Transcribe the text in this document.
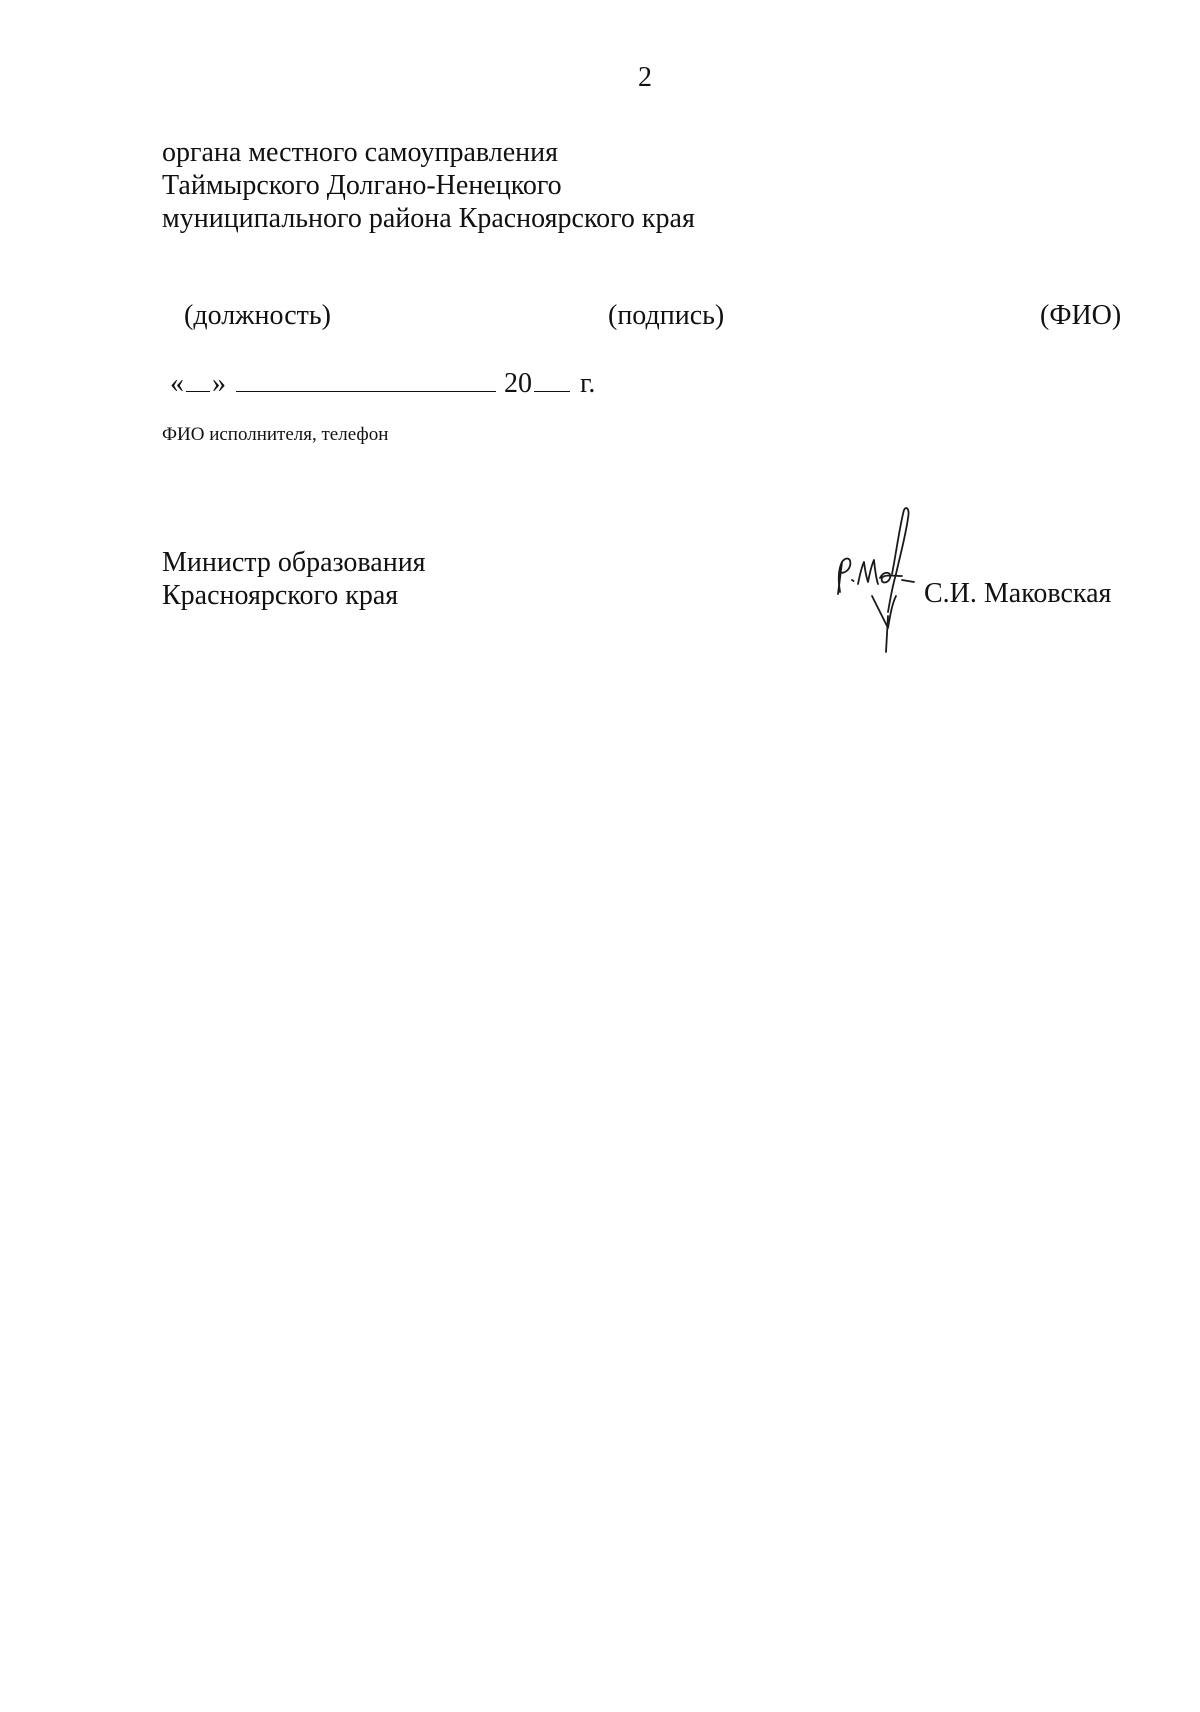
2
органа местного самоуправления
Таймырского Долгано-Ненецкого
муниципального района Красноярского края
(должность)	(подпись)	(ФИО)
« »	20 г.
ФИО исполнителя, телефон
Министр образования
Красноярского края	С.И. Маковская
